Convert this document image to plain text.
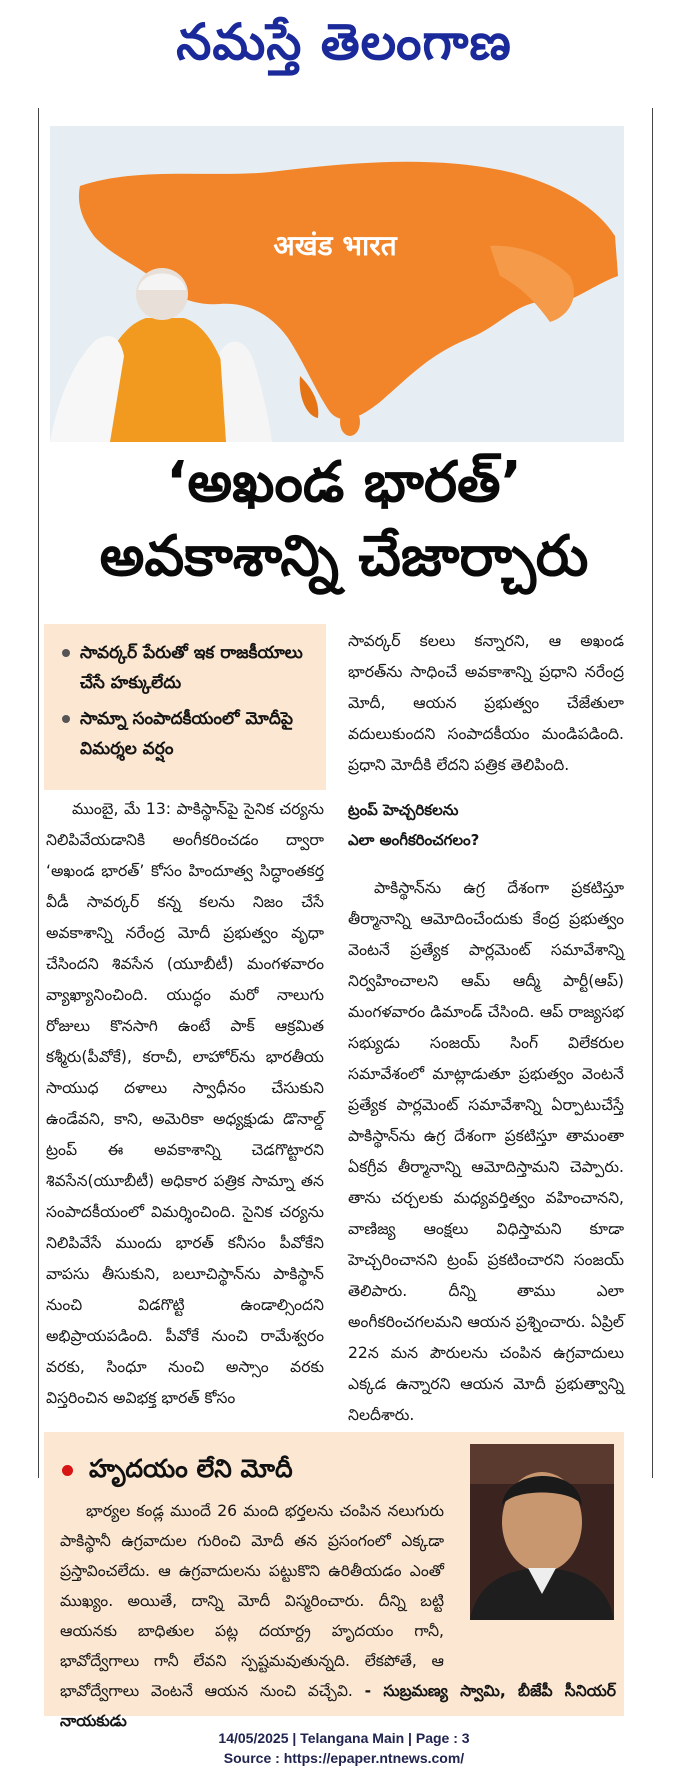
నమస్తే తెలంగాణ
अखंड भारत
‘అఖండ భారత్‌’
అవకాశాన్ని చేజార్చారు
సావర్కర్‌ పేరుతో ఇక రాజకీయాలు చేసే హక్కులేదు
సామ్నా సంపాదకీయంలో మోదీపై విమర్శల వర్షం

ముంబై, మే 13: పాకిస్థాన్‌పై సైనిక చర్యను నిలిపివేయడానికి అంగీకరించడం ద్వారా ‘అఖండ భారత్‌’ కోసం హిందూత్వ సిద్ధాంతకర్త వీడీ సావర్కర్‌ కన్న కలను నిజం చేసే అవకాశాన్ని నరేంద్ర మోదీ ప్రభుత్వం వృధా చేసిందని శివసేన (యూబీటీ) మంగళవారం వ్యాఖ్యానించింది. యుద్ధం మరో నాలుగు రోజులు కొనసాగి ఉంటే పాక్‌ ఆక్రమిత కశ్మీరు(పీవోకే), కరాచీ, లాహోర్‌ను భారతీయ సాయుధ దళాలు స్వాధీనం చేసుకుని ఉండేవని, కాని, అమెరికా అధ్యక్షుడు డొనాల్డ్‌ ట్రంప్‌ ఈ అవకాశాన్ని చెడగొట్టారని శివసేన(యూబీటీ) అధికార పత్రిక సామ్నా తన సంపాదకీయంలో విమర్శించింది. సైనిక చర్యను నిలిపివేసే ముందు భారత్‌ కనీసం పీవోకేని వాపసు తీసుకుని, బలూచిస్థాన్‌ను పాకిస్థాన్‌ నుంచి విడగొట్టి ఉండాల్సిందని అభిప్రాయపడింది. పీవోకే నుంచి రామేశ్వరం వరకు, సింధూ నుంచి అస్సాం వరకు విస్తరించిన అవిభక్త భారత్‌ కోసం

సావర్కర్‌ కలలు కన్నారని, ఆ అఖండ భారత్‌ను సాధించే అవకాశాన్ని ప్రధాని నరేంద్ర మోదీ, ఆయన ప్రభుత్వం చేజేతులా వదులుకుందని సంపాదకీయం మండిపడింది. ప్రధాని మోదీకి లేదని పత్రిక తెలిపింది.

ట్రంప్‌ హెచ్చరికలను
ఎలా అంగీకరించగలం?

పాకిస్థాన్‌ను ఉగ్ర దేశంగా ప్రకటిస్తూ తీర్మానాన్ని ఆమోదించేందుకు కేంద్ర ప్రభుత్వం వెంటనే ప్రత్యేక పార్లమెంట్‌ సమావేశాన్ని నిర్వహించాలని ఆమ్‌ ఆద్మీ పార్టీ(ఆప్‌) మంగళవారం డిమాండ్‌ చేసింది. ఆప్‌ రాజ్యసభ సభ్యుడు సంజయ్‌ సింగ్‌ విలేకరుల సమావేశంలో మాట్లాడుతూ ప్రభుత్వం వెంటనే ప్రత్యేక పార్లమెంట్‌ సమావేశాన్ని ఏర్పాటుచేస్తే పాకిస్థాన్‌ను ఉగ్ర దేశంగా ప్రకటిస్తూ తామంతా ఏకగ్రీవ తీర్మానాన్ని ఆమోదిస్తామని చెప్పారు. తాను చర్చలకు మధ్యవర్తిత్వం వహించానని, వాణిజ్య ఆంక్షలు విధిస్తామని కూడా హెచ్చరించానని ట్రంప్‌ ప్రకటించారని సంజయ్‌ తెలిపారు. దీన్ని తాము ఎలా అంగీకరించగలమని ఆయన ప్రశ్నించారు. ఏప్రిల్‌ 22న మన పౌరులను చంపిన ఉగ్రవాదులు ఎక్కడ ఉన్నారని ఆయన మోదీ ప్రభుత్వాన్ని నిలదీశారు.

హృదయం లేని మోదీ

భార్యల కండ్ల ముందే 26 మంది భర్తలను చంపిన నలుగురు పాకిస్థానీ ఉగ్రవాదుల గురించి మోదీ తన ప్రసంగంలో ఎక్కడా ప్రస్తావించలేదు. ఆ ఉగ్రవాదులను పట్టుకొని ఉరితీయడం ఎంతో ముఖ్యం. అయితే, దాన్ని మోదీ విస్మరించారు. దీన్ని బట్టి ఆయనకు బాధితుల పట్ల దయార్ద్ర హృదయం గానీ, భావోద్వేగాలు గానీ లేవని స్పష్టమవుతున్నది. లేకపోతే, ఆ భావోద్వేగాలు వెంటనే ఆయన నుంచి వచ్చేవి. - సుబ్రమణ్య స్వామి, బీజేపీ సీనియర్‌ నాయకుడు

14/05/2025 | Telangana Main | Page : 3
Source : https://epaper.ntnews.com/
